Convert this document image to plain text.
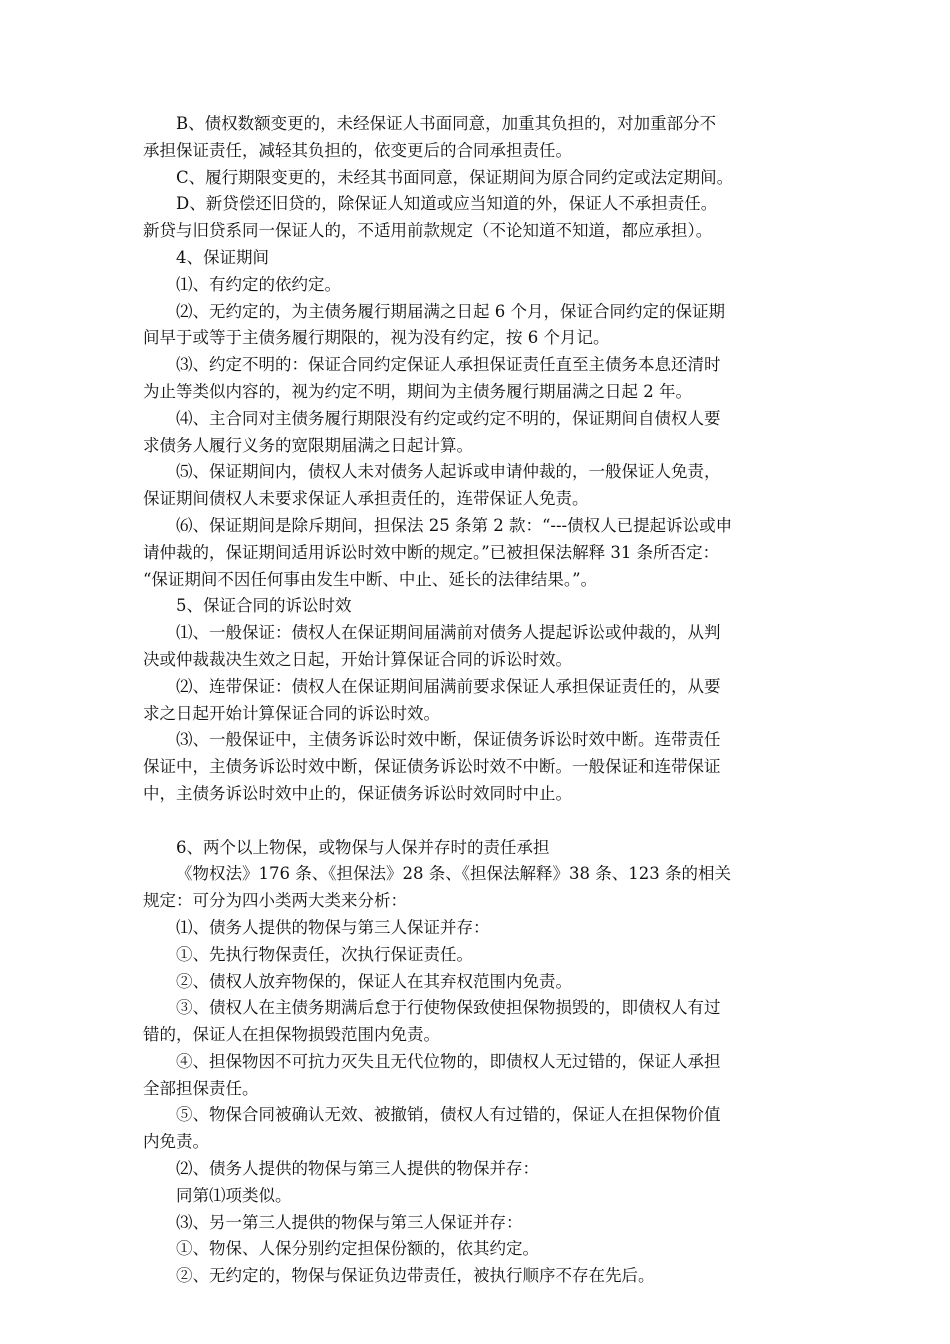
B、债权数额变更的，未经保证人书面同意，加重其负担的，对加重部分不
承担保证责任，减轻其负担的，依变更后的合同承担责任。
C、履行期限变更的，未经其书面同意，保证期间为原合同约定或法定期间。
D、新贷偿还旧贷的，除保证人知道或应当知道的外，保证人不承担责任。
新贷与旧贷系同一保证人的，不适用前款规定（不论知道不知道，都应承担）。
4、保证期间
⑴、有约定的依约定。
⑵、无约定的，为主债务履行期届满之日起 6 个月，保证合同约定的保证期
间早于或等于主债务履行期限的，视为没有约定，按 6 个月记。
⑶、约定不明的：保证合同约定保证人承担保证责任直至主债务本息还清时
为止等类似内容的，视为约定不明，期间为主债务履行期届满之日起 2 年。
⑷、主合同对主债务履行期限没有约定或约定不明的，保证期间自债权人要
求债务人履行义务的宽限期届满之日起计算。
⑸、保证期间内，债权人未对债务人起诉或申请仲裁的，一般保证人免责，
保证期间债权人未要求保证人承担责任的，连带保证人免责。
⑹、保证期间是除斥期间，担保法 25 条第 2 款：“---债权人已提起诉讼或申
请仲裁的，保证期间适用诉讼时效中断的规定。”已被担保法解释 31 条所否定：
“保证期间不因任何事由发生中断、中止、延长的法律结果。”。
5、保证合同的诉讼时效
⑴、一般保证：债权人在保证期间届满前对债务人提起诉讼或仲裁的，从判
决或仲裁裁决生效之日起，开始计算保证合同的诉讼时效。
⑵、连带保证：债权人在保证期间届满前要求保证人承担保证责任的，从要
求之日起开始计算保证合同的诉讼时效。
⑶、一般保证中，主债务诉讼时效中断，保证债务诉讼时效中断。连带责任
保证中，主债务诉讼时效中断，保证债务诉讼时效不中断。一般保证和连带保证
中，主债务诉讼时效中止的，保证债务诉讼时效同时中止。
6、两个以上物保，或物保与人保并存时的责任承担
《物权法》176 条、《担保法》28 条、《担保法解释》38 条、123 条的相关
规定：可分为四小类两大类来分析：
⑴、债务人提供的物保与第三人保证并存：
①、先执行物保责任，次执行保证责任。
②、债权人放弃物保的，保证人在其弃权范围内免责。
③、债权人在主债务期满后怠于行使物保致使担保物损毁的，即债权人有过
错的，保证人在担保物损毁范围内免责。
④、担保物因不可抗力灭失且无代位物的，即债权人无过错的，保证人承担
全部担保责任。
⑤、物保合同被确认无效、被撤销，债权人有过错的，保证人在担保物价值
内免责。
⑵、债务人提供的物保与第三人提供的物保并存：
同第⑴项类似。
⑶、另一第三人提供的物保与第三人保证并存：
①、物保、人保分别约定担保份额的，依其约定。
②、无约定的，物保与保证负边带责任，被执行顺序不存在先后。
